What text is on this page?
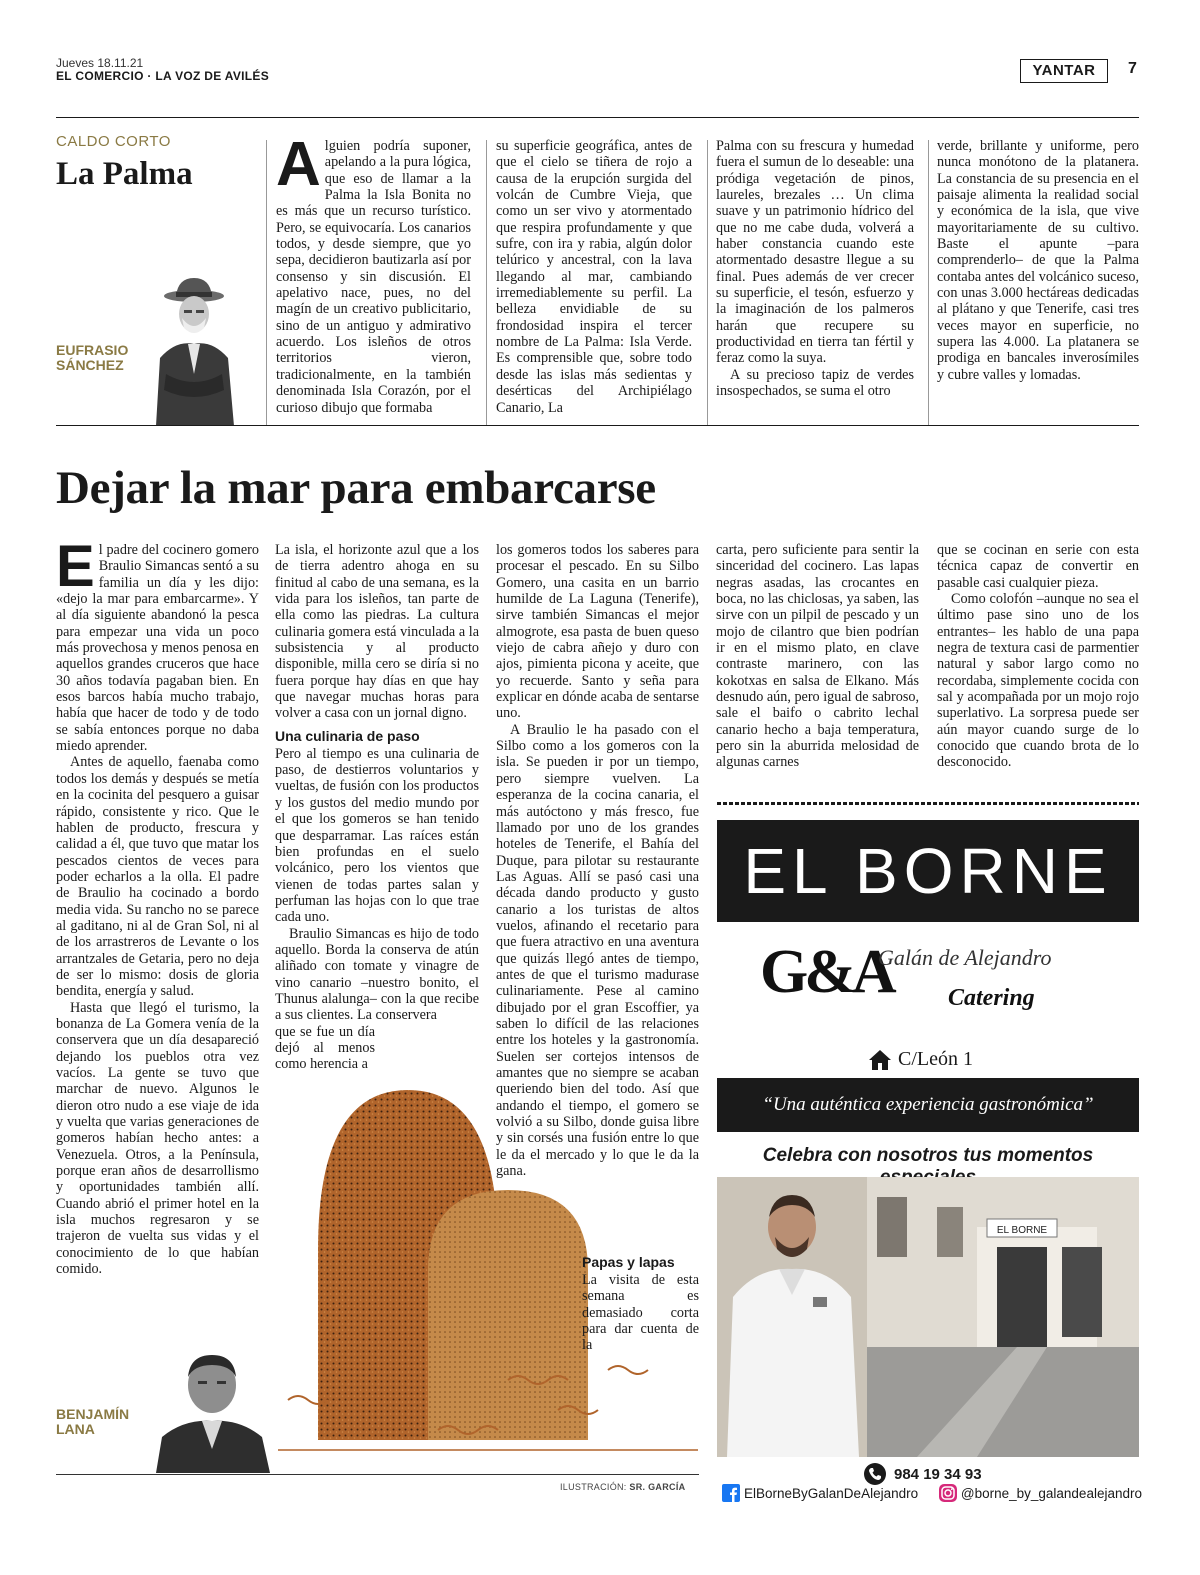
Jueves 18.11.21
EL COMERCIO · LA VOZ DE AVILÉS	YANTAR	7
CALDO CORTO
La Palma
EUFRASIO
SÁNCHEZ

Alguien podría suponer, apelando a la pura lógica, que eso de llamar a la Palma la Isla Bonita no es más que un recurso turístico. Pero, se equivocaría. Los canarios todos, y desde siempre, que yo sepa, decidieron bautizarla así por consenso y sin discusión. El apelativo nace, pues, no del magín de un creativo publicitario, sino de un antiguo y admirativo acuerdo. Los isleños de otros territorios vieron, tradicionalmente, en la también denominada Isla Corazón, por el curioso dibujo que formaba

su superficie geográfica, antes de que el cielo se tiñera de rojo a causa de la erupción surgida del volcán de Cumbre Vieja, que como un ser vivo y atormentado que respira profundamente y que sufre, con ira y rabia, algún dolor telúrico y ancestral, con la lava llegando al mar, cambiando irremediablemente su perfil. La belleza envidiable de su frondosidad inspira el tercer nombre de La Palma: Isla Verde. Es comprensible que, sobre todo desde las islas más sedientas y desérticas del Archipiélago Canario, La

Palma con su frescura y humedad fuera el sumun de lo deseable: una pródiga vegetación de pinos, laureles, brezales … Un clima suave y un patrimonio hídrico del que no me cabe duda, volverá a haber constancia cuando este atormentado desastre llegue a su final. Pues además de ver crecer su superficie, el tesón, esfuerzo y la imaginación de los palmeros harán que recupere su productividad en tierra tan fértil y feraz como la suya.

A su precioso tapiz de verdes insospechados, se suma el otro

verde, brillante y uniforme, pero nunca monótono de la platanera. La constancia de su presencia en el paisaje alimenta la realidad social y económica de la isla, que vive mayoritariamente de su cultivo. Baste el apunte –para comprenderlo– de que la Palma contaba antes del volcánico suceso, con unas 3.000 hectáreas dedicadas al plátano y que Tenerife, casi tres veces mayor en superficie, no supera las 4.000. La platanera se prodiga en bancales inverosímiles y cubre valles y lomadas.

Dejar la mar para embarcarse

El padre del cocinero gomero Braulio Simancas sentó a su familia un día y les dijo: «dejo la mar para embarcarme». Y al día siguiente abandonó la pesca para empezar una vida un poco más provechosa y menos penosa en aquellos grandes cruceros que hace 30 años todavía pagaban bien. En esos barcos había mucho trabajo, había que hacer de todo y de todo se sabía entonces porque no daba miedo aprender.

Antes de aquello, faenaba como todos los demás y después se metía en la cocinita del pesquero a guisar rápido, consistente y rico. Que le hablen de producto, frescura y calidad a él, que tuvo que matar los pescados cientos de veces para poder echarlos a la olla. El padre de Braulio ha cocinado a bordo media vida. Su rancho no se parece al gaditano, ni al de Gran Sol, ni al de los arrastreros de Levante o los arrantzales de Getaria, pero no deja de ser lo mismo: dosis de gloria bendita, energía y salud.

Hasta que llegó el turismo, la bonanza de La Gomera venía de la conservera que un día desapareció dejando los pueblos otra vez vacíos. La gente se tuvo que marchar de nuevo. Algunos le dieron otro nudo a ese viaje de ida y vuelta que varias generaciones de gomeros habían hecho antes: a Venezuela. Otros, a la Península, porque eran años de desarrollismo y oportunidades también allí. Cuando abrió el primer hotel en la isla muchos regresaron y se trajeron de vuelta sus vidas y el conocimiento de lo que habían comido.

La isla, el horizonte azul que a los de tierra adentro ahoga en su finitud al cabo de una semana, es la vida para los isleños, tan parte de ella como las piedras. La cultura culinaria gomera está vinculada a la subsistencia y al producto disponible, milla cero se diría si no fuera porque hay días en que hay que navegar muchas horas para volver a casa con un jornal digno.

Una culinaria de paso

Pero al tiempo es una culinaria de paso, de destierros voluntarios y vueltas, de fusión con los productos y los gustos del medio mundo por el que los gomeros se han tenido que desparramar. Las raíces están bien profundas en el suelo volcánico, pero los vientos que vienen de todas partes salan y perfuman las hojas con lo que trae cada uno.

Braulio Simancas es hijo de todo aquello. Borda la conserva de atún aliñado con tomate y vinagre de vino canario –nuestro bonito, el Thunus alalunga– con la que recibe a sus clientes. La conservera

que se fue un día dejó al menos como herencia a

los gomeros todos los saberes para procesar el pescado. En su Silbo Gomero, una casita en un barrio humilde de La Laguna (Tenerife), sirve también Simancas el mejor almogrote, esa pasta de buen queso viejo de cabra añejo y duro con ajos, pimienta picona y aceite, que yo recuerde. Santo y seña para explicar en dónde acaba de sentarse uno.

A Braulio le ha pasado con el Silbo como a los gomeros con la isla. Se pueden ir por un tiempo, pero siempre vuelven. La esperanza de la cocina canaria, el más autóctono y más fresco, fue llamado por uno de los grandes hoteles de Tenerife, el Bahía del Duque, para pilotar su restaurante Las Aguas. Allí se pasó casi una década dando producto y gusto canario a los turistas de altos vuelos, afinando el recetario para que fuera atractivo en una aventura que quizás llegó antes de tiempo, antes de que el turismo madurase culinariamente. Pese al camino dibujado por el gran Escoffier, ya saben lo difícil de las relaciones entre los hoteles y la gastronomía. Suelen ser cortejos intensos de amantes que no siempre se acaban queriendo bien del todo. Así que andando el tiempo, el gomero se volvió a su Silbo, donde guisa libre y sin corsés una fusión entre lo que le da el mercado y lo que le da la gana.

Papas y lapas

La visita de esta semana es demasiado corta para dar cuenta de la

carta, pero suficiente para sentir la sinceridad del cocinero. Las lapas negras asadas, las crocantes en boca, no las chiclosas, ya saben, las sirve con un pilpil de pescado y un mojo de cilantro que bien podrían ir en el mismo plato, en clave contraste marinero, con las kokotxas en salsa de Elkano. Más desnudo aún, pero igual de sabroso, sale el baifo o cabrito lechal canario hecho a baja temperatura, pero sin la aburrida melosidad de algunas carnes

que se cocinan en serie con esta técnica capaz de convertir en pasable casi cualquier pieza.

Como colofón –aunque no sea el último pase sino uno de los entrantes– les hablo de una papa negra de textura casi de parmentier natural y sabor largo como no recordaba, simplemente cocida con sal y acompañada por un mojo rojo superlativo. La sorpresa puede ser aún mayor cuando surge de lo conocido que cuando brota de lo desconocido.

BENJAMÍN
LANA
ILUSTRACIÓN: SR. GARCÍA
EL BORNE
G&A
Galán de Alejandro
Catering
C/León 1
“Una auténtica experiencia gastronómica”
Celebra con nosotros tus momentos
EL BORNE
984 19 34 93
ElBorneByGalanDeAlejandro	@borne_by_galandealejandro
